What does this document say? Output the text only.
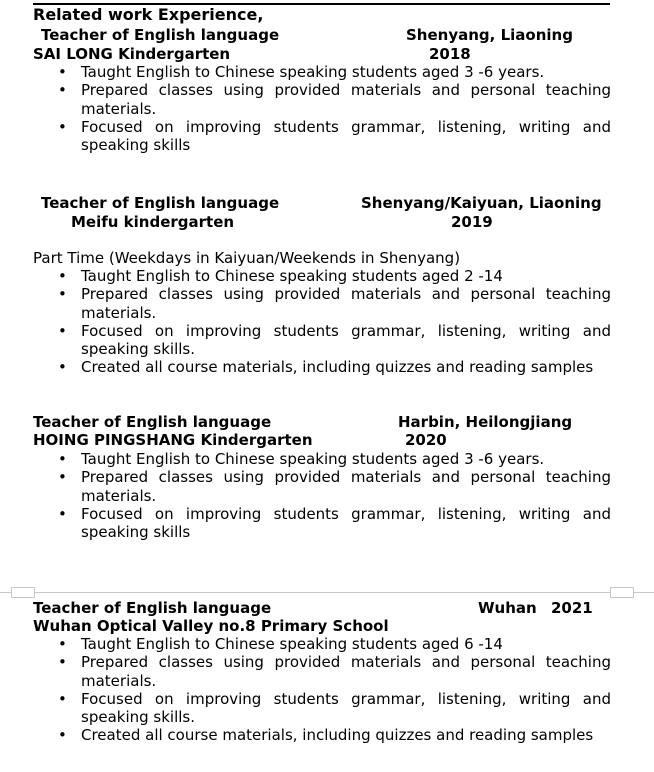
Related work Experience,
Teacher of English language	Shenyang, Liaoning
SAI LONG Kindergarten	2018
• Taught English to Chinese speaking students aged 3 -6 years.
• Prepared classes using provided materials and personal teaching materials.
• Focused on improving students grammar, listening, writing and speaking skills
Teacher of English language	Shenyang/Kaiyuan, Liaoning
Meifu kindergarten	2019
Part Time (Weekdays in Kaiyuan/Weekends in Shenyang)
• Taught English to Chinese speaking students aged 2 -14
• Prepared classes using provided materials and personal teaching materials.
• Focused on improving students grammar, listening, writing and speaking skills.
• Created all course materials, including quizzes and reading samples
Teacher of English language	Harbin, Heilongjiang
HOING PINGSHANG Kindergarten	2020
• Taught English to Chinese speaking students aged 3 -6 years.
• Prepared classes using provided materials and personal teaching materials.
• Focused on improving students grammar, listening, writing and speaking skills
Teacher of English language	Wuhan 2021
Wuhan Optical Valley no.8 Primary School
• Taught English to Chinese speaking students aged 6 -14
• Prepared classes using provided materials and personal teaching materials.
• Focused on improving students grammar, listening, writing and speaking skills.
• Created all course materials, including quizzes and reading samples
